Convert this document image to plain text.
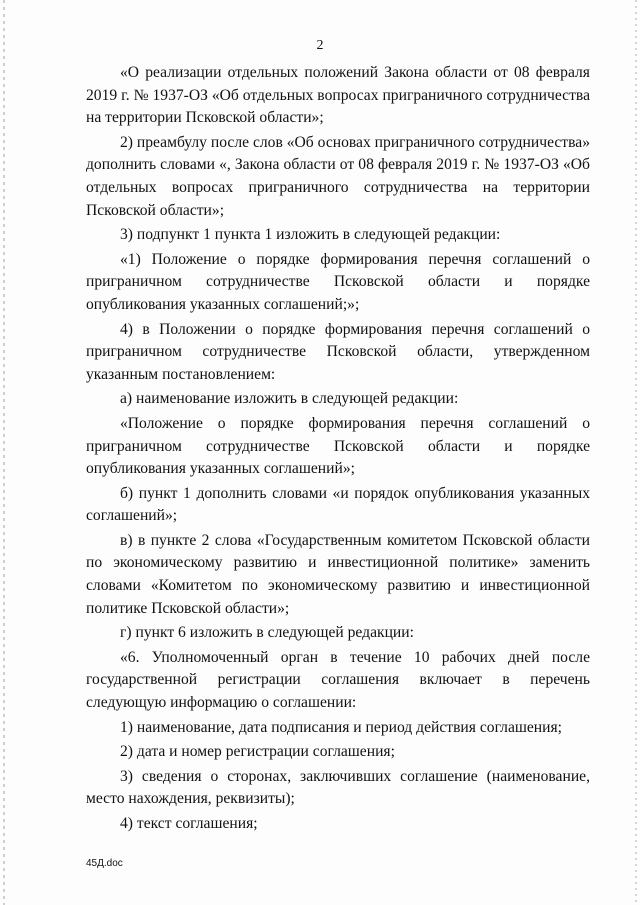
2

«О реализации отдельных положений Закона области от 08 февраля 2019 г. № 1937-ОЗ «Об отдельных вопросах приграничного сотрудничества на территории Псковской области»;

2) преамбулу после слов «Об основах приграничного сотрудничества» дополнить словами «, Закона области от 08 февраля 2019 г. № 1937-ОЗ «Об отдельных вопросах приграничного сотрудничества на территории Псковской области»;

3) подпункт 1 пункта 1 изложить в следующей редакции:

«1) Положение о порядке формирования перечня соглашений о приграничном сотрудничестве Псковской области и порядке опубликования указанных соглашений;»;

4) в Положении о порядке формирования перечня соглашений о приграничном сотрудничестве Псковской области, утвержденном указанным постановлением:

а) наименование изложить в следующей редакции:

«Положение о порядке формирования перечня соглашений о приграничном сотрудничестве Псковской области и порядке опубликования указанных соглашений»;

б) пункт 1 дополнить словами «и порядок опубликования указанных соглашений»;

в) в пункте 2 слова «Государственным комитетом Псковской области по экономическому развитию и инвестиционной политике» заменить словами «Комитетом по экономическому развитию и инвестиционной политике Псковской области»;

г) пункт 6 изложить в следующей редакции:

«6. Уполномоченный орган в течение 10 рабочих дней после государственной регистрации соглашения включает в перечень следующую информацию о соглашении:

1) наименование, дата подписания и период действия соглашения;

2) дата и номер регистрации соглашения;

3) сведения о сторонах, заключивших соглашение (наименование, место нахождения, реквизиты);

4) текст соглашения;

45Д.doc
